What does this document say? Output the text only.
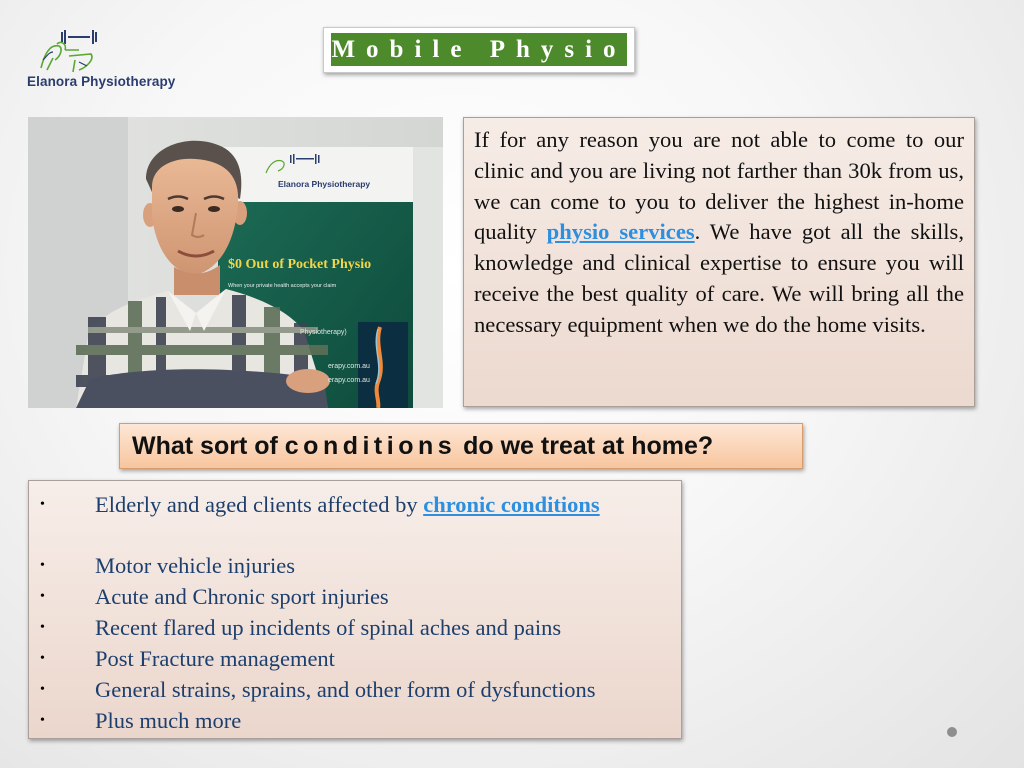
Elanora Physiotherapy
Mobile Physio
Elanora Physiotherapy
$0 Out of Pocket Physio
When your private health accepts your claim
Physiotherapy)
erapy.com.au
erapy.com.au

If for any reason you are not able to come to our clinic and you are living not farther than 30k from us, we can come to you to deliver the highest in-home quality physio services. We have got all the skills, knowledge and clinical expertise to ensure you will receive the best quality of care. We will bring all the necessary equipment when we do the home visits.

What sort of conditions do we treat at home?
• Elderly and aged clients affected by chronic conditions
• Motor vehicle injuries
• Acute and Chronic sport injuries
• Recent flared up incidents of spinal aches and pains
• Post Fracture management
• General strains, sprains, and other form of dysfunctions
• Plus much more
